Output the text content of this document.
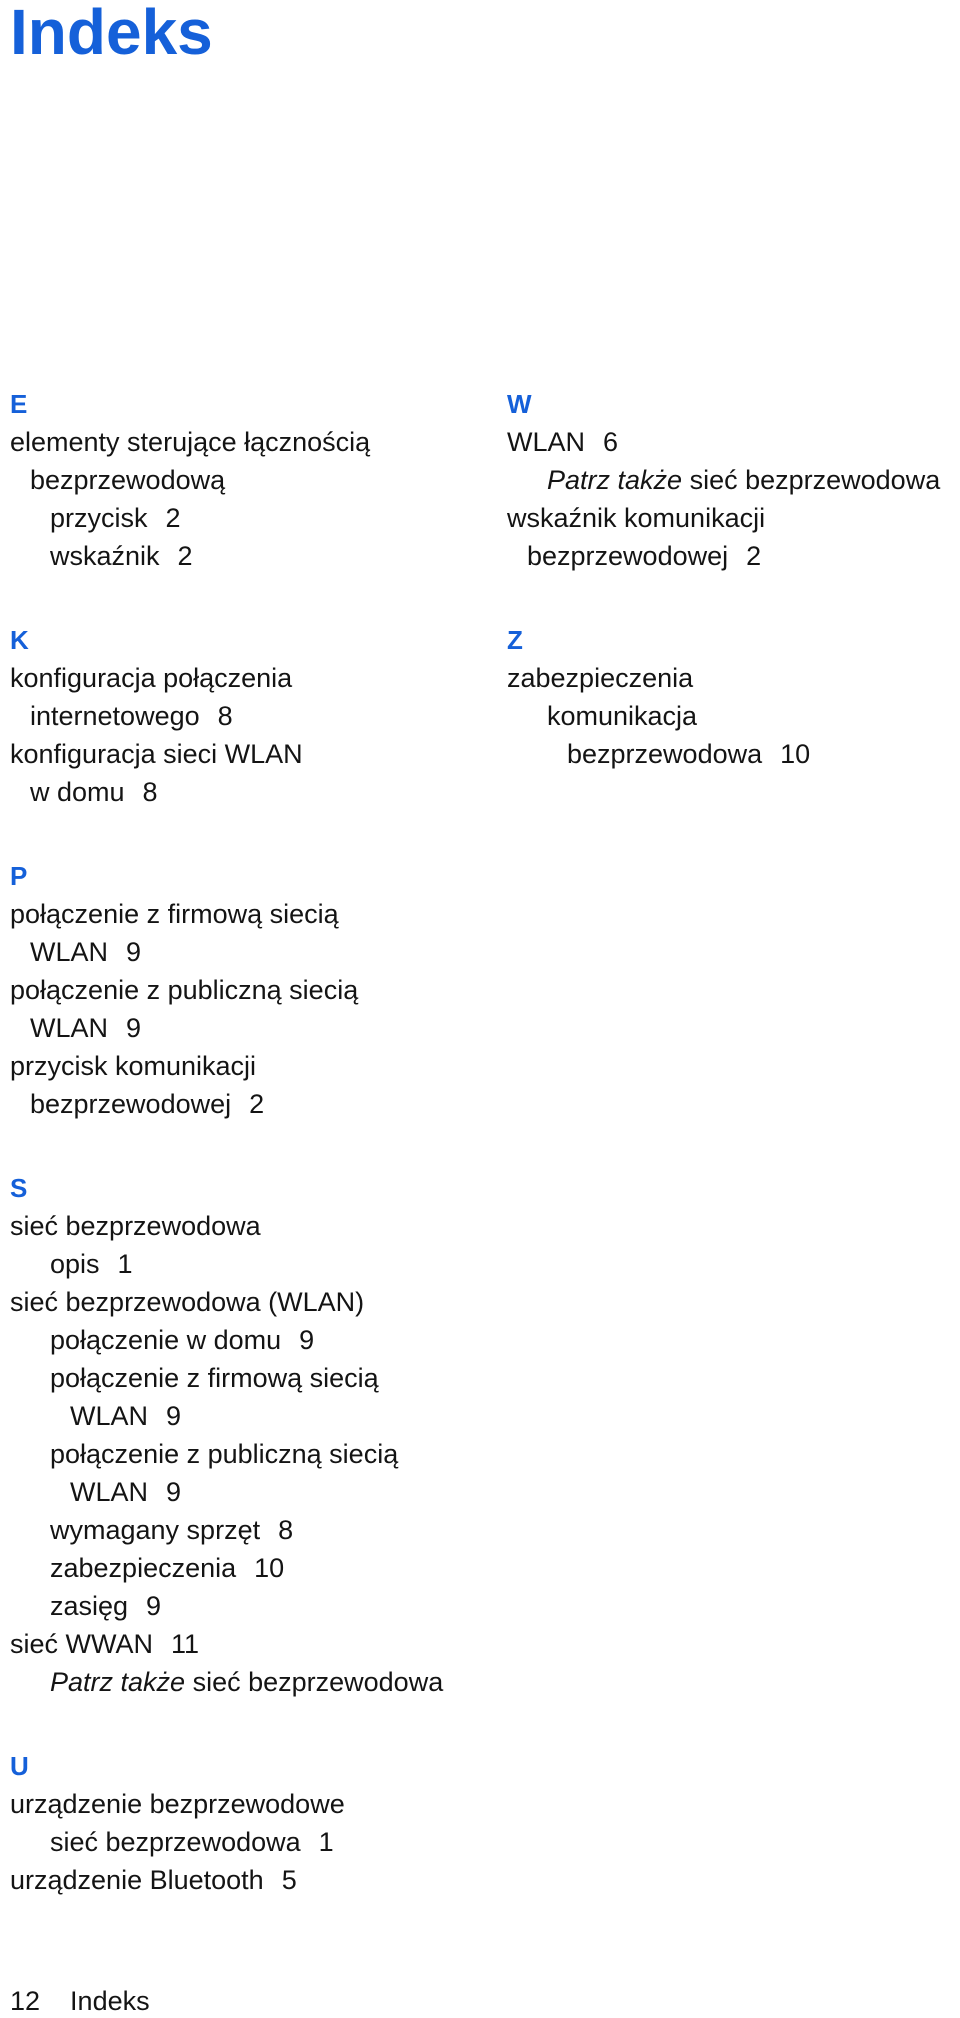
Indeks
E
elementy sterujące łącznością
bezprzewodową
przycisk 2
wskaźnik 2
K
konfiguracja połączenia
internetowego 8
konfiguracja sieci WLAN
w domu 8
P
połączenie z firmową siecią
WLAN 9
połączenie z publiczną siecią
WLAN 9
przycisk komunikacji
bezprzewodowej 2
S
sieć bezprzewodowa
opis 1
sieć bezprzewodowa (WLAN)
połączenie w domu 9
połączenie z firmową siecią
WLAN 9
połączenie z publiczną siecią
WLAN 9
wymagany sprzęt 8
zabezpieczenia 10
zasięg 9
sieć WWAN 11
Patrz także sieć bezprzewodowa
U
urządzenie bezprzewodowe
sieć bezprzewodowa 1
urządzenie Bluetooth 5
W
WLAN 6
Patrz także sieć bezprzewodowa
wskaźnik komunikacji
bezprzewodowej 2
Z
zabezpieczenia
komunikacja
bezprzewodowa 10
12 Indeks
